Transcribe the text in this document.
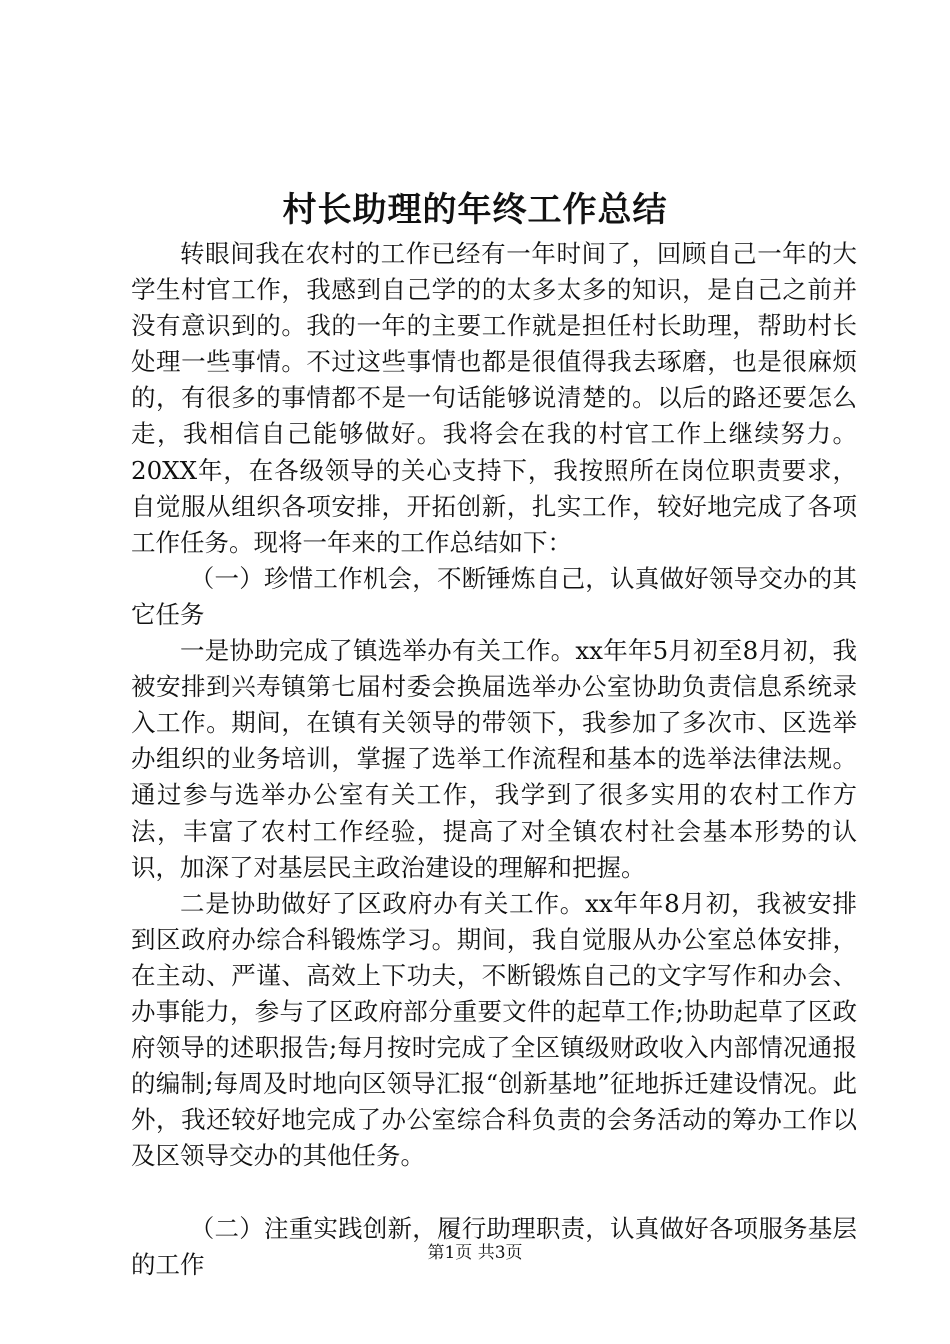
村长助理的年终工作总结

转眼间我在农村的工作已经有一年时间了，回顾自己一年的大学生村官工作，我感到自己学的的太多太多的知识，是自己之前并没有意识到的。我的一年的主要工作就是担任村长助理，帮助村长处理一些事情。不过这些事情也都是很值得我去琢磨，也是很麻烦的，有很多的事情都不是一句话能够说清楚的。以后的路还要怎么走，我相信自己能够做好。我将会在我的村官工作上继续努力。20XX年，在各级领导的关心支持下，我按照所在岗位职责要求，自觉服从组织各项安排，开拓创新，扎实工作，较好地完成了各项工作任务。现将一年来的工作总结如下：

（一）珍惜工作机会，不断锤炼自己，认真做好领导交办的其它任务

一是协助完成了镇选举办有关工作。xx年年5月初至8月初，我被安排到兴寿镇第七届村委会换届选举办公室协助负责信息系统录入工作。期间，在镇有关领导的带领下，我参加了多次市、区选举办组织的业务培训，掌握了选举工作流程和基本的选举法律法规。通过参与选举办公室有关工作，我学到了很多实用的农村工作方法，丰富了农村工作经验，提高了对全镇农村社会基本形势的认识，加深了对基层民主政治建设的理解和把握。

二是协助做好了区政府办有关工作。xx年年8月初，我被安排到区政府办综合科锻炼学习。期间，我自觉服从办公室总体安排，在主动、严谨、高效上下功夫，不断锻炼自己的文字写作和办会、办事能力，参与了区政府部分重要文件的起草工作;协助起草了区政府领导的述职报告;每月按时完成了全区镇级财政收入内部情况通报的编制;每周及时地向区领导汇报“创新基地”征地拆迁建设情况。此外，我还较好地完成了办公室综合科负责的会务活动的筹办工作以及区领导交办的其他任务。

（二）注重实践创新，履行助理职责，认真做好各项服务基层的工作	第1页 共3页
